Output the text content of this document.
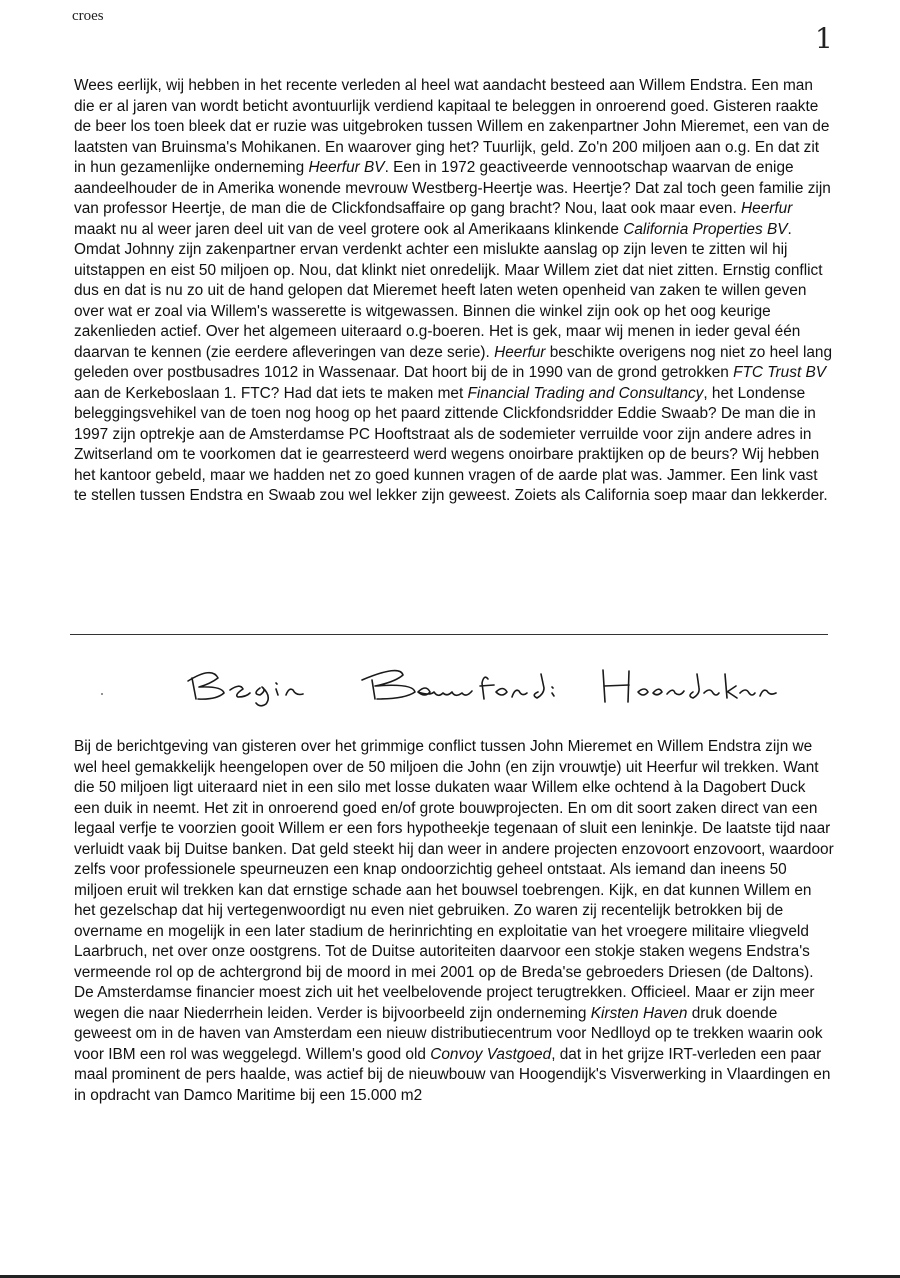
croes
1

Wees eerlijk, wij hebben in het recente verleden al heel wat aandacht besteed aan Willem Endstra. Een man die er al jaren van wordt beticht avontuurlijk verdiend kapitaal te beleggen in onroerend goed. Gisteren raakte de beer los toen bleek dat er ruzie was uitgebroken tussen Willem en zakenpartner John Mieremet, een van de laatsten van Bruinsma's Mohikanen. En waarover ging het? Tuurlijk, geld. Zo'n 200 miljoen aan o.g. En dat zit in hun gezamenlijke onderneming Heerfur BV. Een in 1972 geactiveerde vennootschap waarvan de enige aandeelhouder de in Amerika wonende mevrouw Westberg-Heertje was. Heertje? Dat zal toch geen familie zijn van professor Heertje, de man die de Clickfondsaffaire op gang bracht? Nou, laat ook maar even. Heerfur maakt nu al weer jaren deel uit van de veel grotere ook al Amerikaans klinkende California Properties BV. Omdat Johnny zijn zakenpartner ervan verdenkt achter een mislukte aanslag op zijn leven te zitten wil hij uitstappen en eist 50 miljoen op. Nou, dat klinkt niet onredelijk. Maar Willem ziet dat niet zitten. Ernstig conflict dus en dat is nu zo uit de hand gelopen dat Mieremet heeft laten weten openheid van zaken te willen geven over wat er zoal via Willem's wasserette is witgewassen. Binnen die winkel zijn ook op het oog keurige zakenlieden actief. Over het algemeen uiteraard o.g-boeren. Het is gek, maar wij menen in ieder geval één daarvan te kennen (zie eerdere afleveringen van deze serie). Heerfur beschikte overigens nog niet zo heel lang geleden over postbusadres 1012 in Wassenaar. Dat hoort bij de in 1990 van de grond getrokken FTC Trust BV aan de Kerkeboslaan 1. FTC? Had dat iets te maken met Financial Trading and Consultancy, het Londense beleggingsvehikel van de toen nog hoog op het paard zittende Clickfondsridder Eddie Swaab? De man die in 1997 zijn optrekje aan de Amsterdamse PC Hooftstraat als de sodemieter verruilde voor zijn andere adres in Zwitserland om te voorkomen dat ie gearresteerd werd wegens onoirbare praktijken op de beurs? Wij hebben het kantoor gebeld, maar we hadden net zo goed kunnen vragen of de aarde plat was. Jammer. Een link vast te stellen tussen Endstra en Swaab zou wel lekker zijn geweest. Zoiets als California soep maar dan lekkerder.

Bij de berichtgeving van gisteren over het grimmige conflict tussen John Mieremet en Willem Endstra zijn we wel heel gemakkelijk heengelopen over de 50 miljoen die John (en zijn vrouwtje) uit Heerfur wil trekken. Want die 50 miljoen ligt uiteraard niet in een silo met losse dukaten waar Willem elke ochtend à la Dagobert Duck een duik in neemt. Het zit in onroerend goed en/of grote bouwprojecten. En om dit soort zaken direct van een legaal verfje te voorzien gooit Willem er een fors hypotheekje tegenaan of sluit een leninkje. De laatste tijd naar verluidt vaak bij Duitse banken. Dat geld steekt hij dan weer in andere projecten enzovoort enzovoort, waardoor zelfs voor professionele speurneuzen een knap ondoorzichtig geheel ontstaat. Als iemand dan ineens 50 miljoen eruit wil trekken kan dat ernstige schade aan het bouwsel toebrengen. Kijk, en dat kunnen Willem en het gezelschap dat hij vertegenwoordigt nu even niet gebruiken. Zo waren zij recentelijk betrokken bij de overname en mogelijk in een later stadium de herinrichting en exploitatie van het vroegere militaire vliegveld Laarbruch, net over onze oostgrens. Tot de Duitse autoriteiten daarvoor een stokje staken wegens Endstra's vermeende rol op de achtergrond bij de moord in mei 2001 op de Breda'se gebroeders Driesen (de Daltons). De Amsterdamse financier moest zich uit het veelbelovende project terugtrekken. Officieel. Maar er zijn meer wegen die naar Niederrhein leiden. Verder is bijvoorbeeld zijn onderneming Kirsten Haven druk doende geweest om in de haven van Amsterdam een nieuw distributiecentrum voor Nedlloyd op te trekken waarin ook voor IBM een rol was weggelegd. Willem's good old Convoy Vastgoed, dat in het grijze IRT-verleden een paar maal prominent de pers haalde, was actief bij de nieuwbouw van Hoogendijk's Visverwerking in Vlaardingen en in opdracht van Damco Maritime bij een 15.000 m2
